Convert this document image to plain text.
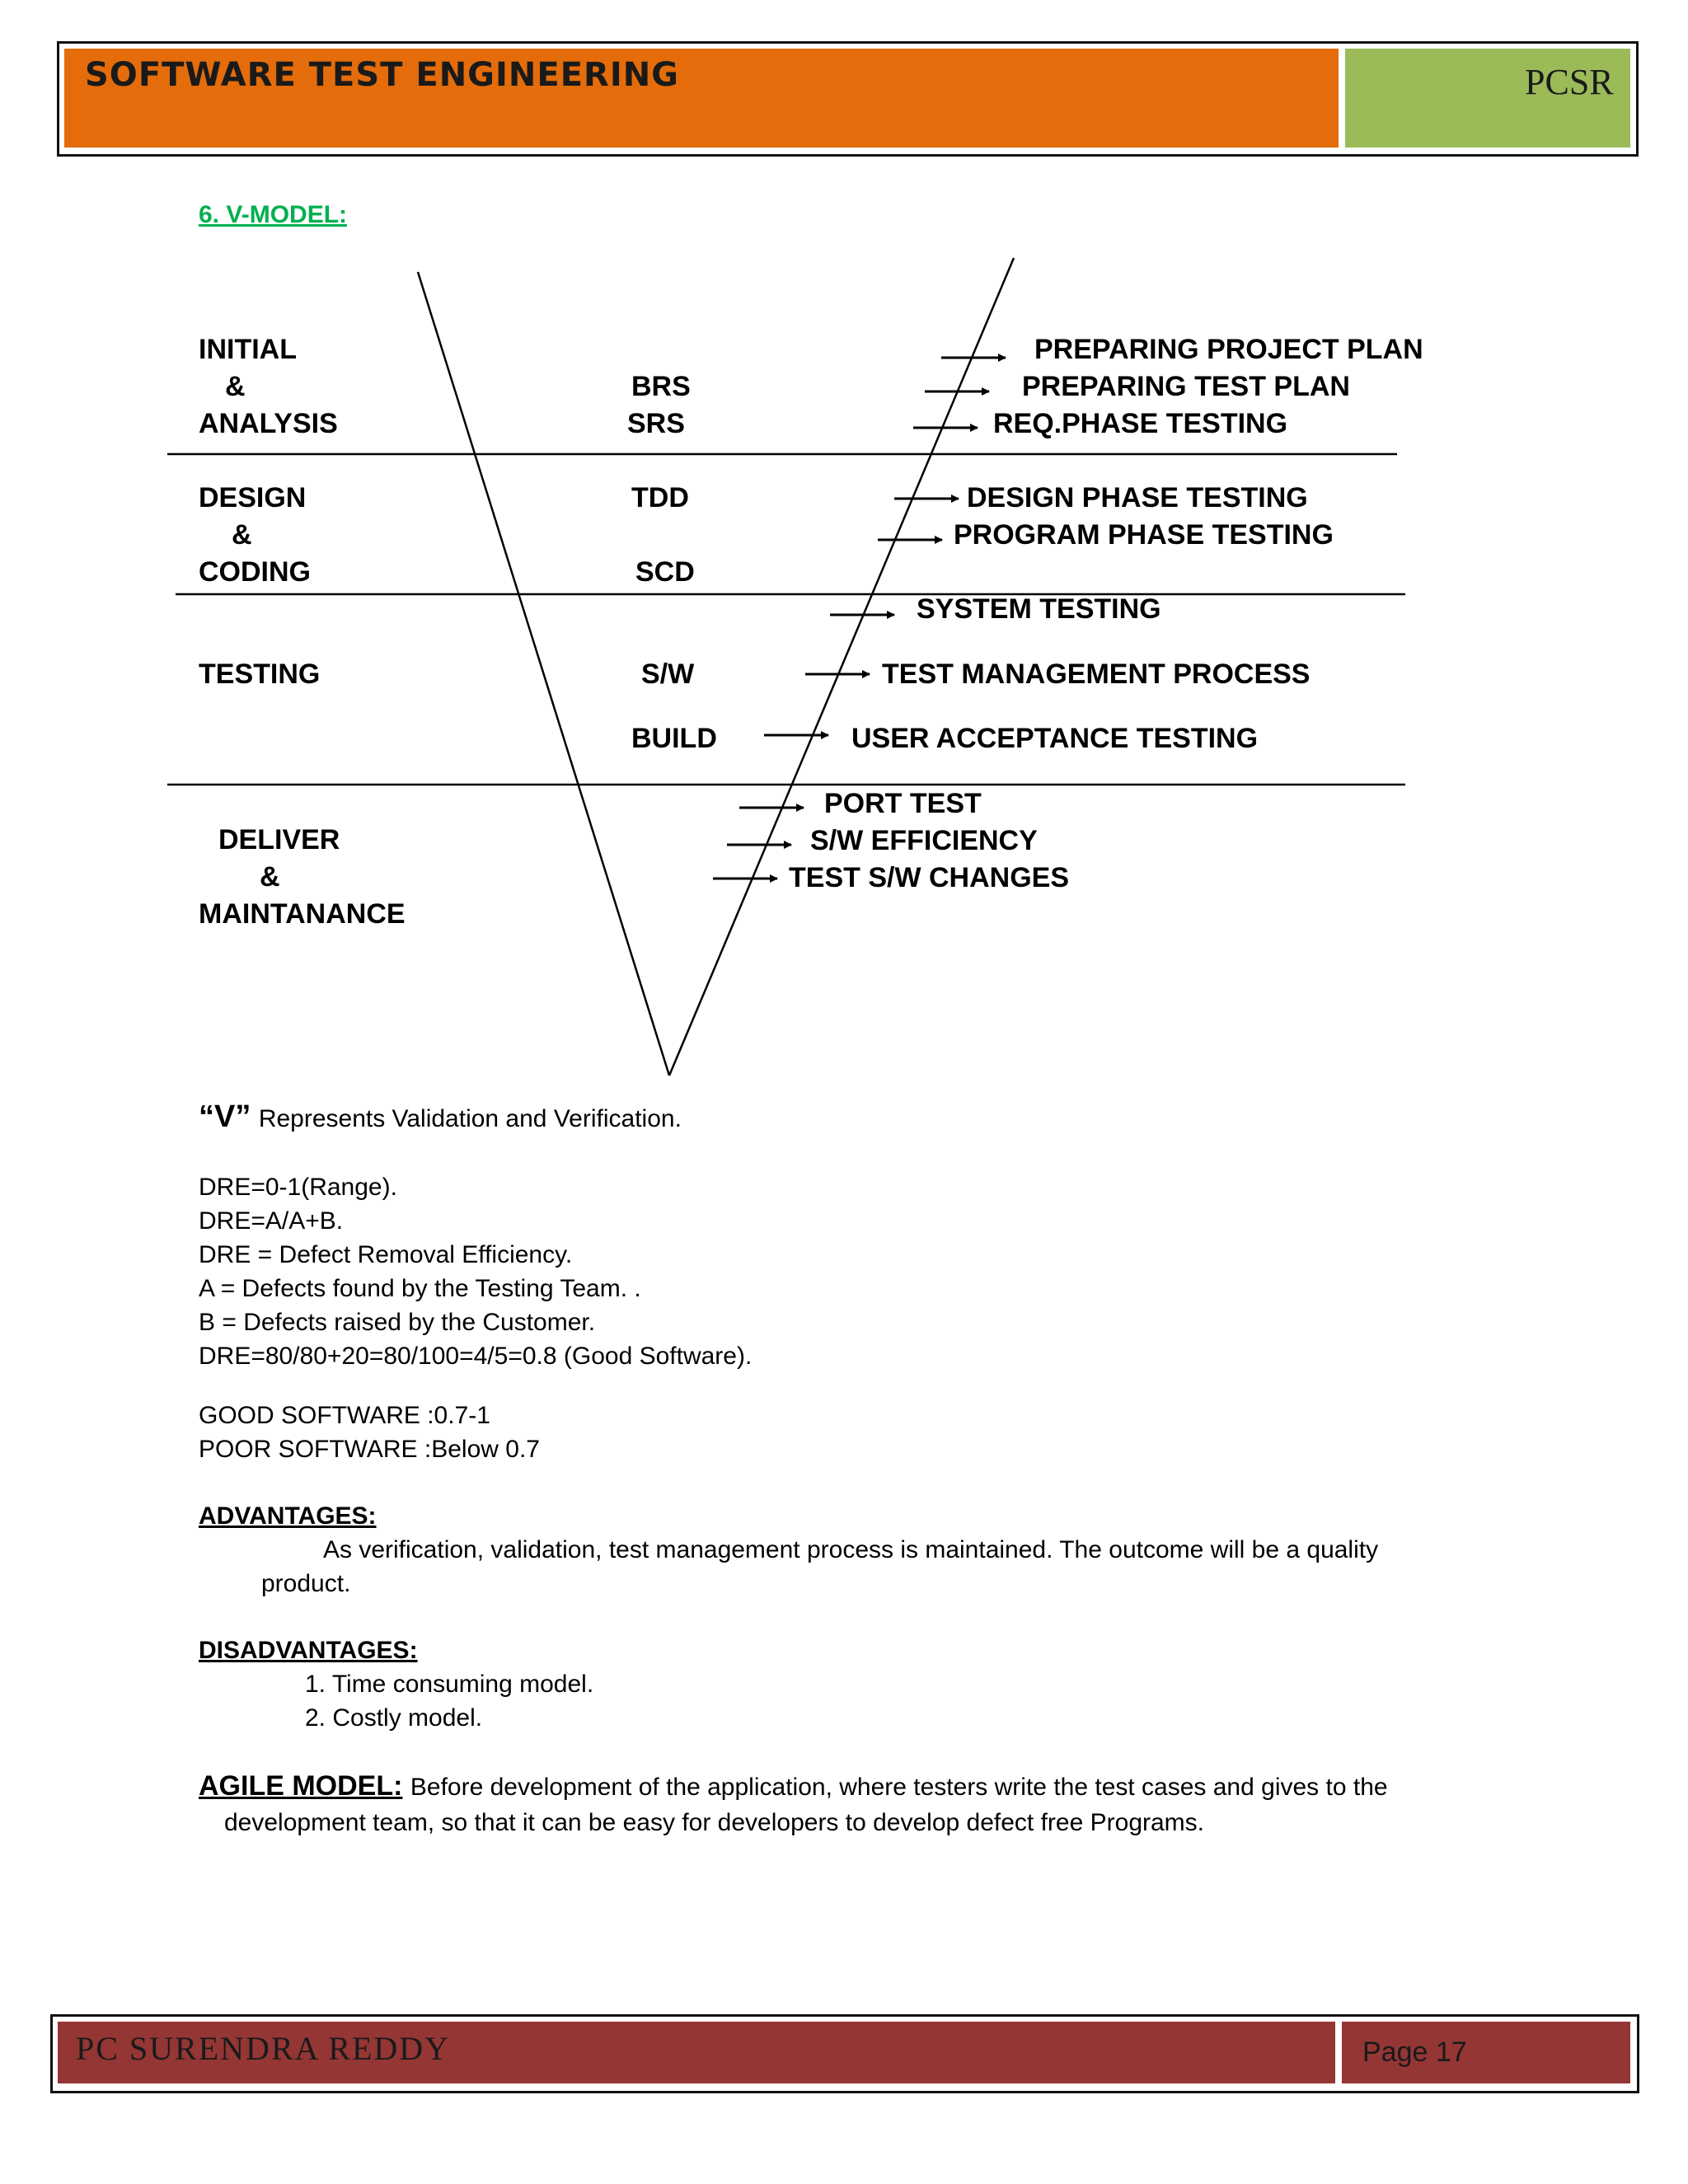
SOFTWARE TEST ENGINEERING	PCSR
6. V-MODEL:
INITIAL
&
ANALYSIS
DESIGN
&
CODING
TESTING
DELIVER
&
MAINTANANCE
BRS
SRS
TDD
SCD
S/W
BUILD
PREPARING PROJECT PLAN
PREPARING TEST PLAN
REQ.PHASE TESTING
DESIGN PHASE TESTING
PROGRAM PHASE TESTING
SYSTEM TESTING
TEST MANAGEMENT PROCESS
USER ACCEPTANCE TESTING
PORT TEST
S/W EFFICIENCY
TEST S/W CHANGES
“V” Represents Validation and Verification.
DRE=0-1(Range).
DRE=A/A+B.
DRE = Defect Removal Efficiency.
A = Defects found by the Testing Team. .
B = Defects raised by the Customer.
DRE=80/80+20=80/100=4/5=0.8 (Good Software).
GOOD SOFTWARE :0.7-1
POOR SOFTWARE :Below 0.7
ADVANTAGES:
As verification, validation, test management process is maintained. The outcome will be a quality
product.
DISADVANTAGES:
1. Time consuming model.
2. Costly model.
AGILE MODEL: Before development of the application, where testers write the test cases and gives to the
development team, so that it can be easy for developers to develop defect free Programs.
PC SURENDRA REDDY	Page 17
